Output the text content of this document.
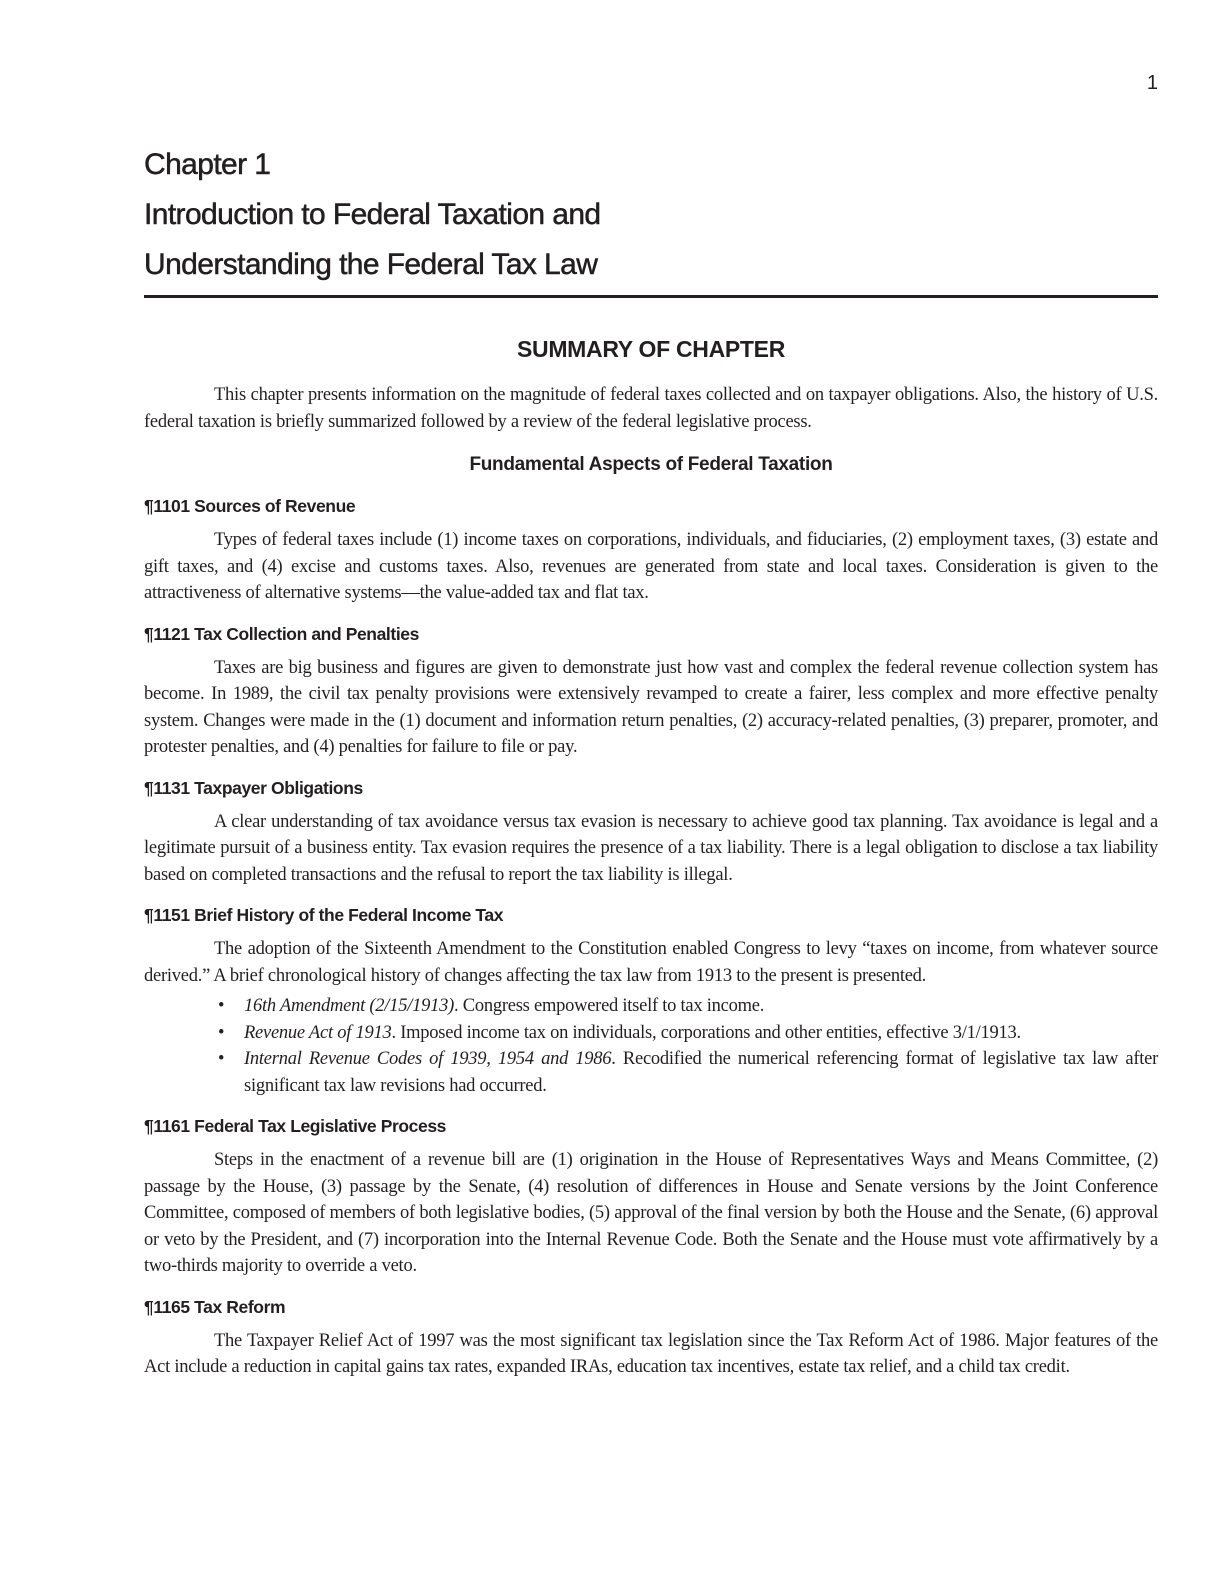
1
Chapter 1
Introduction to Federal Taxation and
Understanding the Federal Tax Law
SUMMARY OF CHAPTER

This chapter presents information on the magnitude of federal taxes collected and on taxpayer obligations. Also, the history of U.S. federal taxation is briefly summarized followed by a review of the federal legislative process.

Fundamental Aspects of Federal Taxation
¶1101 Sources of Revenue

Types of federal taxes include (1) income taxes on corporations, individuals, and fiduciaries, (2) employment taxes, (3) estate and gift taxes, and (4) excise and customs taxes. Also, revenues are generated from state and local taxes. Consideration is given to the attractiveness of alternative systems—the value-added tax and flat tax.

¶1121 Tax Collection and Penalties

Taxes are big business and figures are given to demonstrate just how vast and complex the federal revenue collection system has become. In 1989, the civil tax penalty provisions were extensively revamped to create a fairer, less complex and more effective penalty system. Changes were made in the (1) document and information return penalties, (2) accuracy-related penalties, (3) preparer, promoter, and protester penalties, and (4) penalties for failure to file or pay.

¶1131 Taxpayer Obligations

A clear understanding of tax avoidance versus tax evasion is necessary to achieve good tax planning. Tax avoidance is legal and a legitimate pursuit of a business entity. Tax evasion requires the presence of a tax liability. There is a legal obligation to disclose a tax liability based on completed transactions and the refusal to report the tax liability is illegal.

¶1151 Brief History of the Federal Income Tax

The adoption of the Sixteenth Amendment to the Constitution enabled Congress to levy “taxes on income, from whatever source derived.” A brief chronological history of changes affecting the tax law from 1913 to the present is presented.

• 16th Amendment (2/15/1913). Congress empowered itself to tax income.
• Revenue Act of 1913. Imposed income tax on individuals, corporations and other entities, effective 3/1/1913.
• Internal Revenue Codes of 1939, 1954 and 1986. Recodified the numerical referencing format of legislative tax law after significant tax law revisions had occurred.
¶1161 Federal Tax Legislative Process

Steps in the enactment of a revenue bill are (1) origination in the House of Representatives Ways and Means Committee, (2) passage by the House, (3) passage by the Senate, (4) resolution of differences in House and Senate versions by the Joint Conference Committee, composed of members of both legislative bodies, (5) approval of the final version by both the House and the Senate, (6) approval or veto by the President, and (7) incorporation into the Internal Revenue Code. Both the Senate and the House must vote affirmatively by a two-thirds majority to override a veto.

¶1165 Tax Reform

The Taxpayer Relief Act of 1997 was the most significant tax legislation since the Tax Reform Act of 1986. Major features of the Act include a reduction in capital gains tax rates, expanded IRAs, education tax incentives, estate tax relief, and a child tax credit.
